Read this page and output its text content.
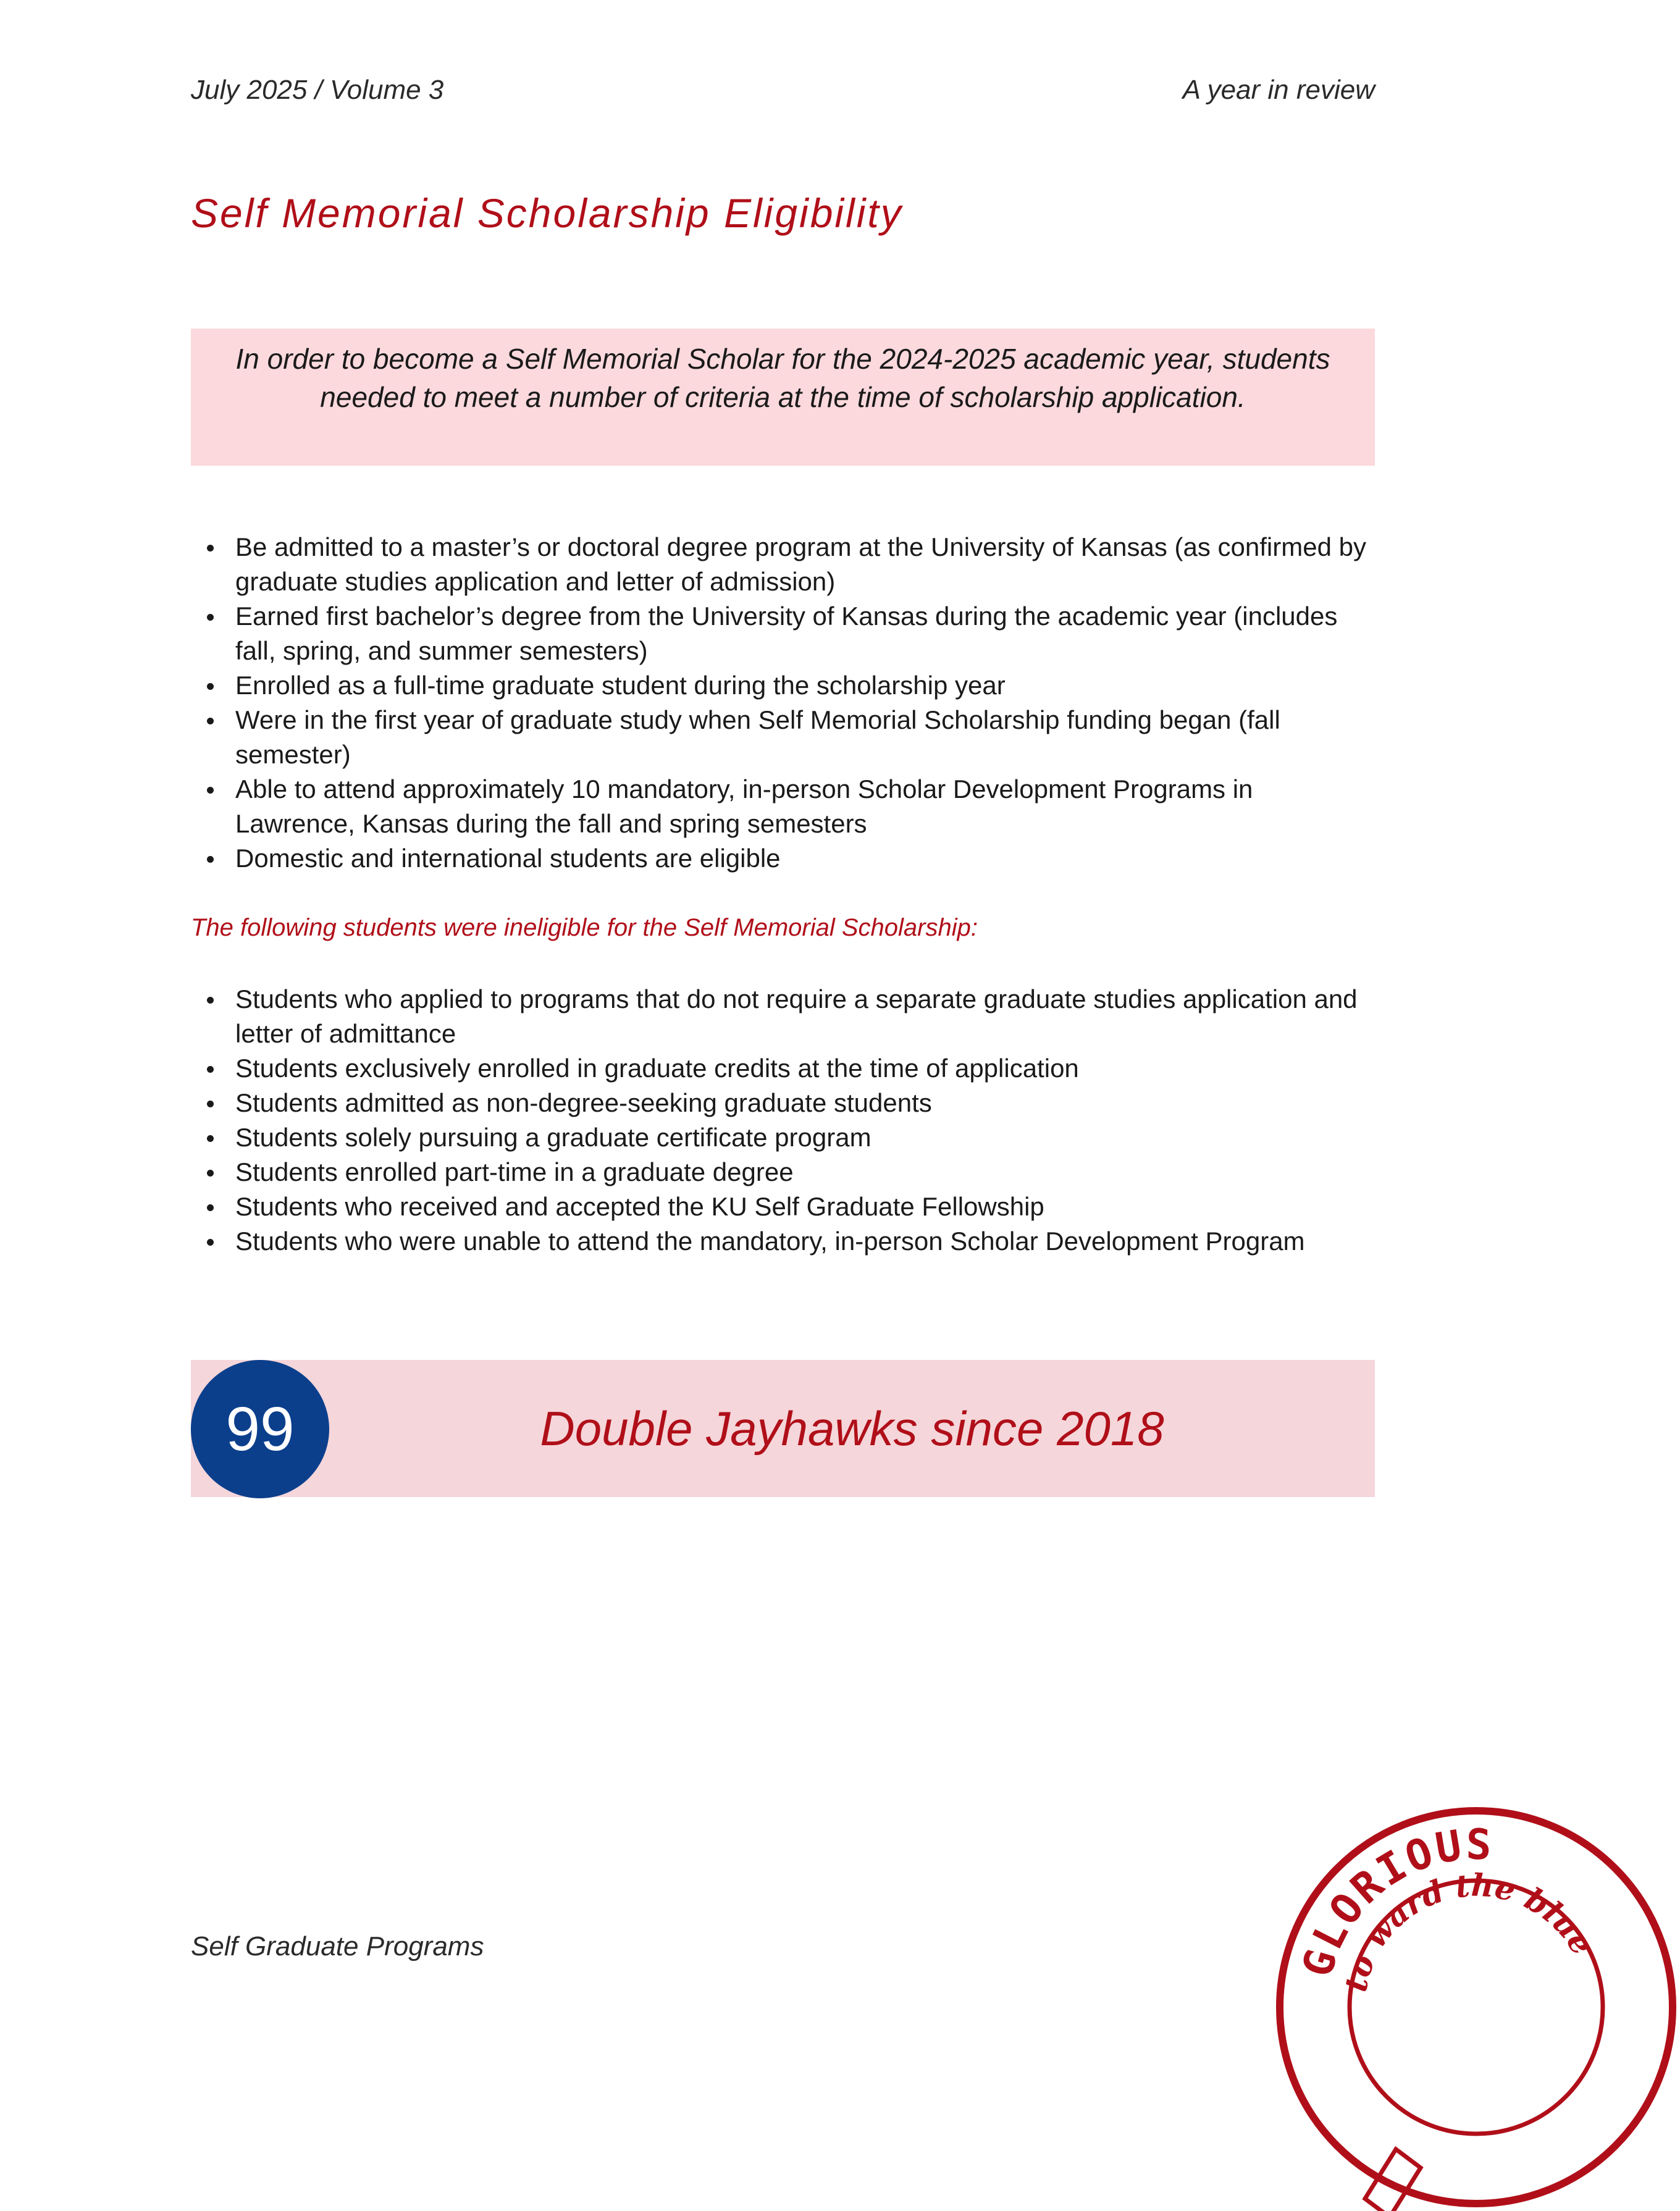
July 2025 / Volume 3	A year in review
Self Memorial Scholarship Eligibility
In order to become a Self Memorial Scholar for the 2024-2025 academic year, students needed to meet a number of criteria at the time of scholarship application.
Be admitted to a master’s or doctoral degree program at the University of Kansas (as confirmed by graduate studies application and letter of admission)
Earned first bachelor’s degree from the University of Kansas during the academic year (includes fall, spring, and summer semesters)
Enrolled as a full-time graduate student during the scholarship year
Were in the first year of graduate study when Self Memorial Scholarship funding began (fall semester)
Able to attend approximately 10 mandatory, in-person Scholar Development Programs in Lawrence, Kansas during the fall and spring semesters
Domestic and international students are eligible
The following students were ineligible for the Self Memorial Scholarship:
Students who applied to programs that do not require a separate graduate studies application and letter of admittance
Students exclusively enrolled in graduate credits at the time of application
Students admitted as non-degree-seeking graduate students
Students solely pursuing a graduate certificate program
Students enrolled part-time in a graduate degree
Students who received and accepted the KU Self Graduate Fellowship
Students who were unable to attend the mandatory, in-person Scholar Development Program
99	Double Jayhawks since 2018
Self Graduate Programs	GLORIOUS
to ward the blue
